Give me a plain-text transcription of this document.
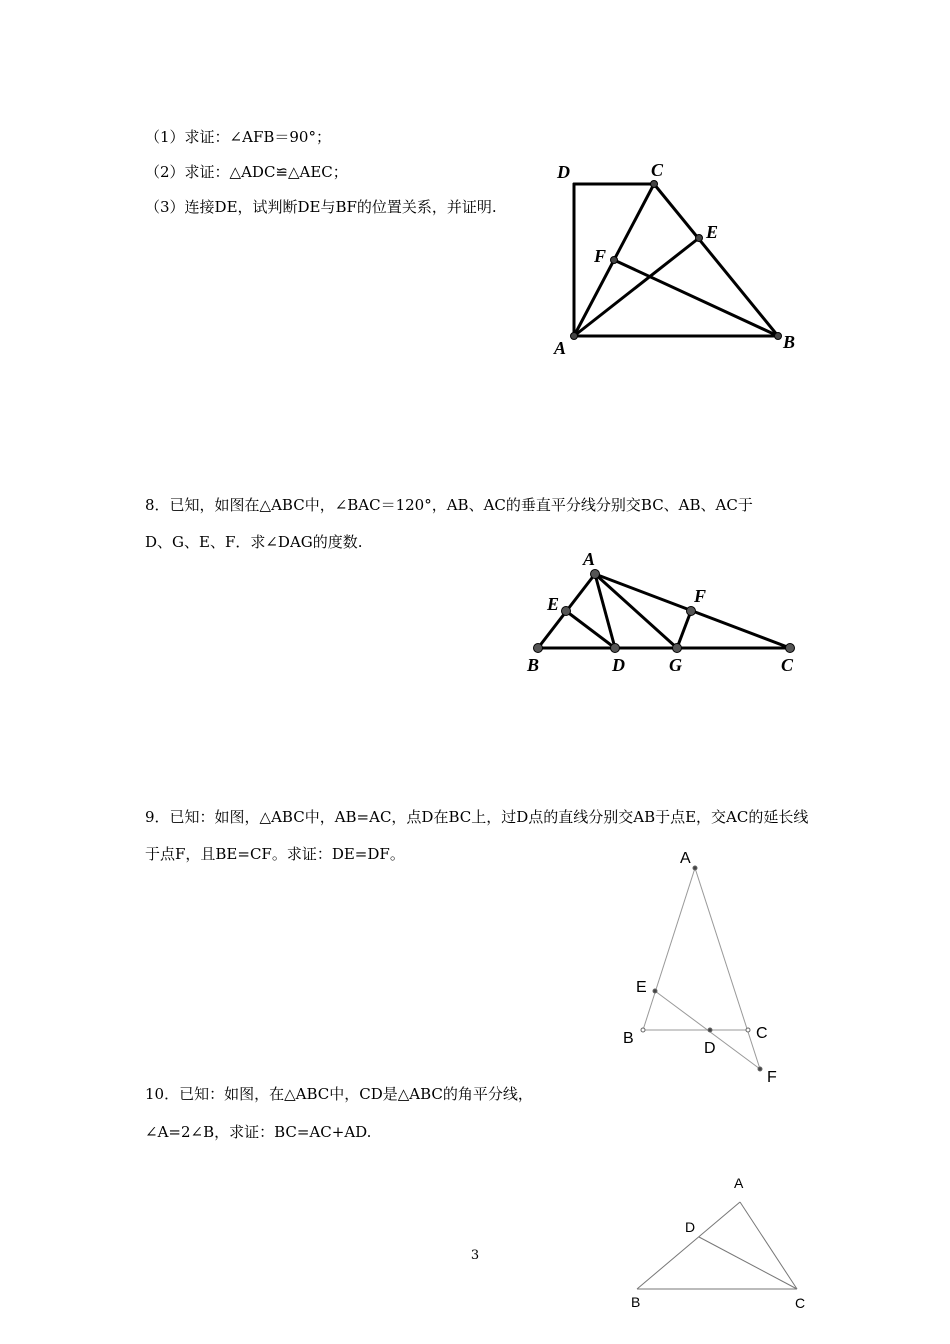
（1）求证：∠AFB＝90°；
（2）求证：△ADC≌△AEC；
（3）连接DE，试判断DE与BF的位置关系，并证明.
D	C
E
F
A	B
8．已知，如图在△ABC中，∠BAC＝120°，AB、AC的垂直平分线分别交BC、AB、AC于
D、G、E、F．求∠DAG的度数.
A
E	F
B	D G	C
9．已知：如图，△ABC中，AB=AC，点D在BC上，过D点的直线分别交AB于点E，交AC的延长线
于点F，且BE=CF。求证：DE=DF。	A
E
B
D
C
F
10．已知：如图，在△ABC中，CD是△ABC的角平分线，
∠A=2∠B，求证：BC=AC+AD.
A
D
B	C
3
